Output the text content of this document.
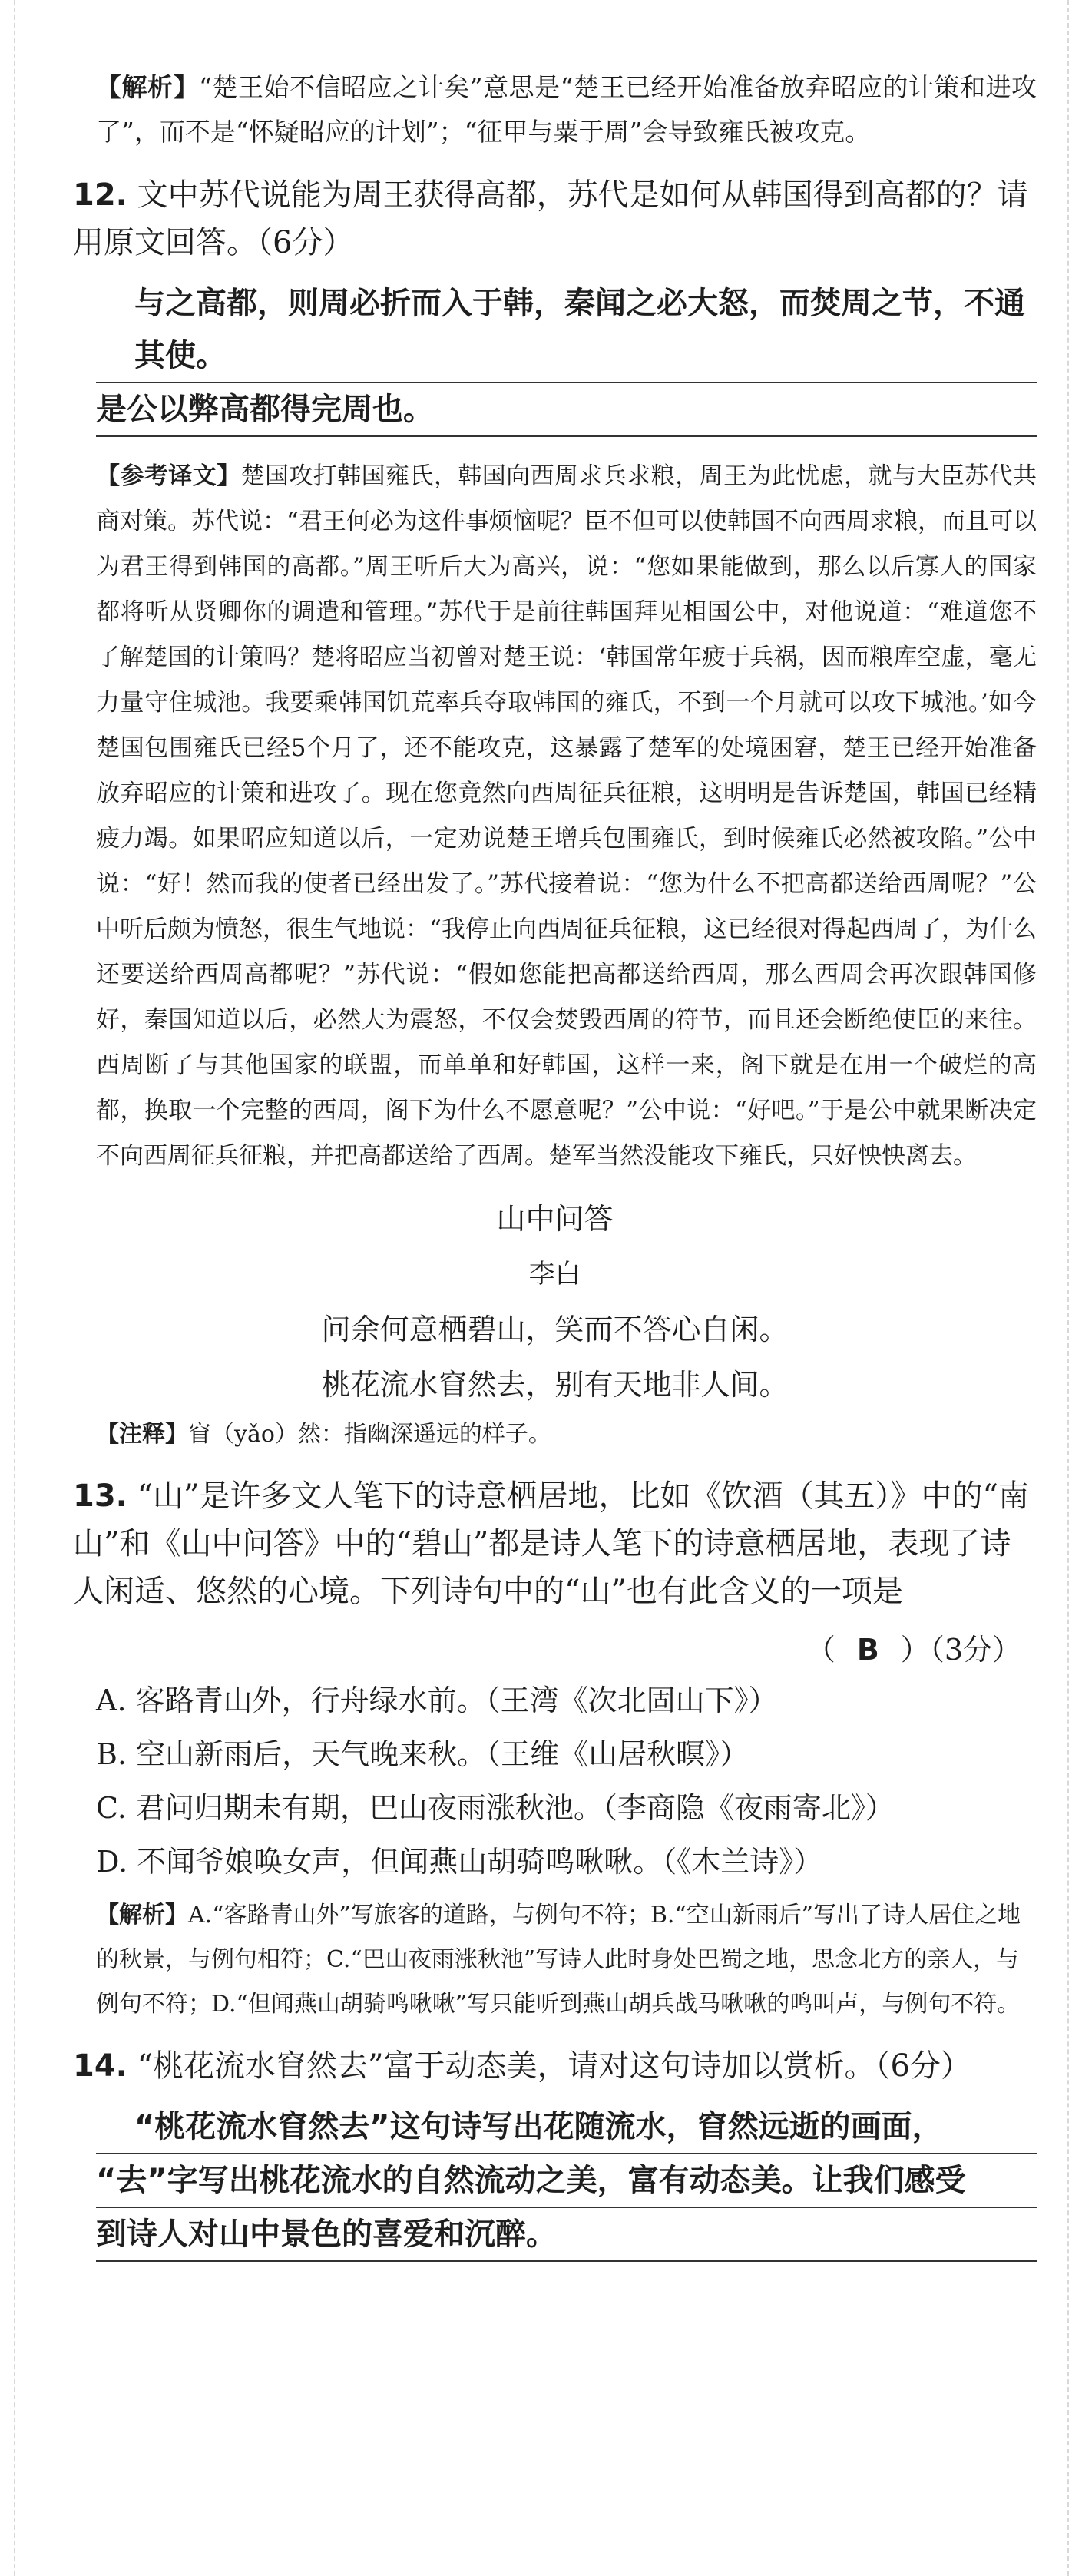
【解析】“楚王始不信昭应之计矣”意思是“楚王已经开始准备放弃昭应的计策和进攻了”，而不是“怀疑昭应的计划”；“征甲与粟于周”会导致雍氏被攻克。

12. 文中苏代说能为周王获得高都，苏代是如何从韩国得到高都的？请用原文回答。（6分）
与之高都，则周必折而入于韩，秦闻之必大怒，而焚周之节，不通其使。
是公以弊高都得完周也。

【参考译文】楚国攻打韩国雍氏，韩国向西周求兵求粮，周王为此忧虑，就与大臣苏代共商对策。苏代说：“君王何必为这件事烦恼呢？臣不但可以使韩国不向西周求粮，而且可以为君王得到韩国的高都。”周王听后大为高兴，说：“您如果能做到，那么以后寡人的国家都将听从贤卿你的调遣和管理。”苏代于是前往韩国拜见相国公中，对他说道：“难道您不了解楚国的计策吗？楚将昭应当初曾对楚王说：‘韩国常年疲于兵祸，因而粮库空虚，毫无力量守住城池。我要乘韩国饥荒率兵夺取韩国的雍氏，不到一个月就可以攻下城池。’如今楚国包围雍氏已经5个月了，还不能攻克，这暴露了楚军的处境困窘，楚王已经开始准备放弃昭应的计策和进攻了。现在您竟然向西周征兵征粮，这明明是告诉楚国，韩国已经精疲力竭。如果昭应知道以后，一定劝说楚王增兵包围雍氏，到时候雍氏必然被攻陷。”公中说：“好！然而我的使者已经出发了。”苏代接着说：“您为什么不把高都送给西周呢？”公中听后颇为愤怒，很生气地说：“我停止向西周征兵征粮，这已经很对得起西周了，为什么还要送给西周高都呢？”苏代说：“假如您能把高都送给西周，那么西周会再次跟韩国修好，秦国知道以后，必然大为震怒，不仅会焚毁西周的符节，而且还会断绝使臣的来往。西周断了与其他国家的联盟，而单单和好韩国，这样一来，阁下就是在用一个破烂的高都，换取一个完整的西周，阁下为什么不愿意呢？”公中说：“好吧。”于是公中就果断决定不向西周征兵征粮，并把高都送给了西周。楚军当然没能攻下雍氏，只好怏怏离去。

山中问答
李白
问余何意栖碧山，笑而不答心自闲。
桃花流水窅然去，别有天地非人间。

【注释】窅（yǎo）然：指幽深遥远的样子。

13. “山”是许多文人笔下的诗意栖居地，比如《饮酒（其五）》中的“南山”和《山中问答》中的“碧山”都是诗人笔下的诗意栖居地，表现了诗人闲适、悠然的心境。下列诗句中的“山”也有此含义的一项是
（ B ）（3分）
A. 客路青山外，行舟绿水前。（王湾《次北固山下》）
B. 空山新雨后，天气晚来秋。（王维《山居秋暝》）
C. 君问归期未有期，巴山夜雨涨秋池。（李商隐《夜雨寄北》）
D. 不闻爷娘唤女声，但闻燕山胡骑鸣啾啾。（《木兰诗》）

【解析】A.“客路青山外”写旅客的道路，与例句不符；B.“空山新雨后”写出了诗人居住之地的秋景，与例句相符；C.“巴山夜雨涨秋池”写诗人此时身处巴蜀之地，思念北方的亲人，与例句不符；D.“但闻燕山胡骑鸣啾啾”写只能听到燕山胡兵战马啾啾的鸣叫声，与例句不符。

14. “桃花流水窅然去”富于动态美，请对这句诗加以赏析。（6分）
“桃花流水窅然去”这句诗写出花随流水，窅然远逝的画面，
“去”字写出桃花流水的自然流动之美，富有动态美。让我们感受
到诗人对山中景色的喜爱和沉醉。
